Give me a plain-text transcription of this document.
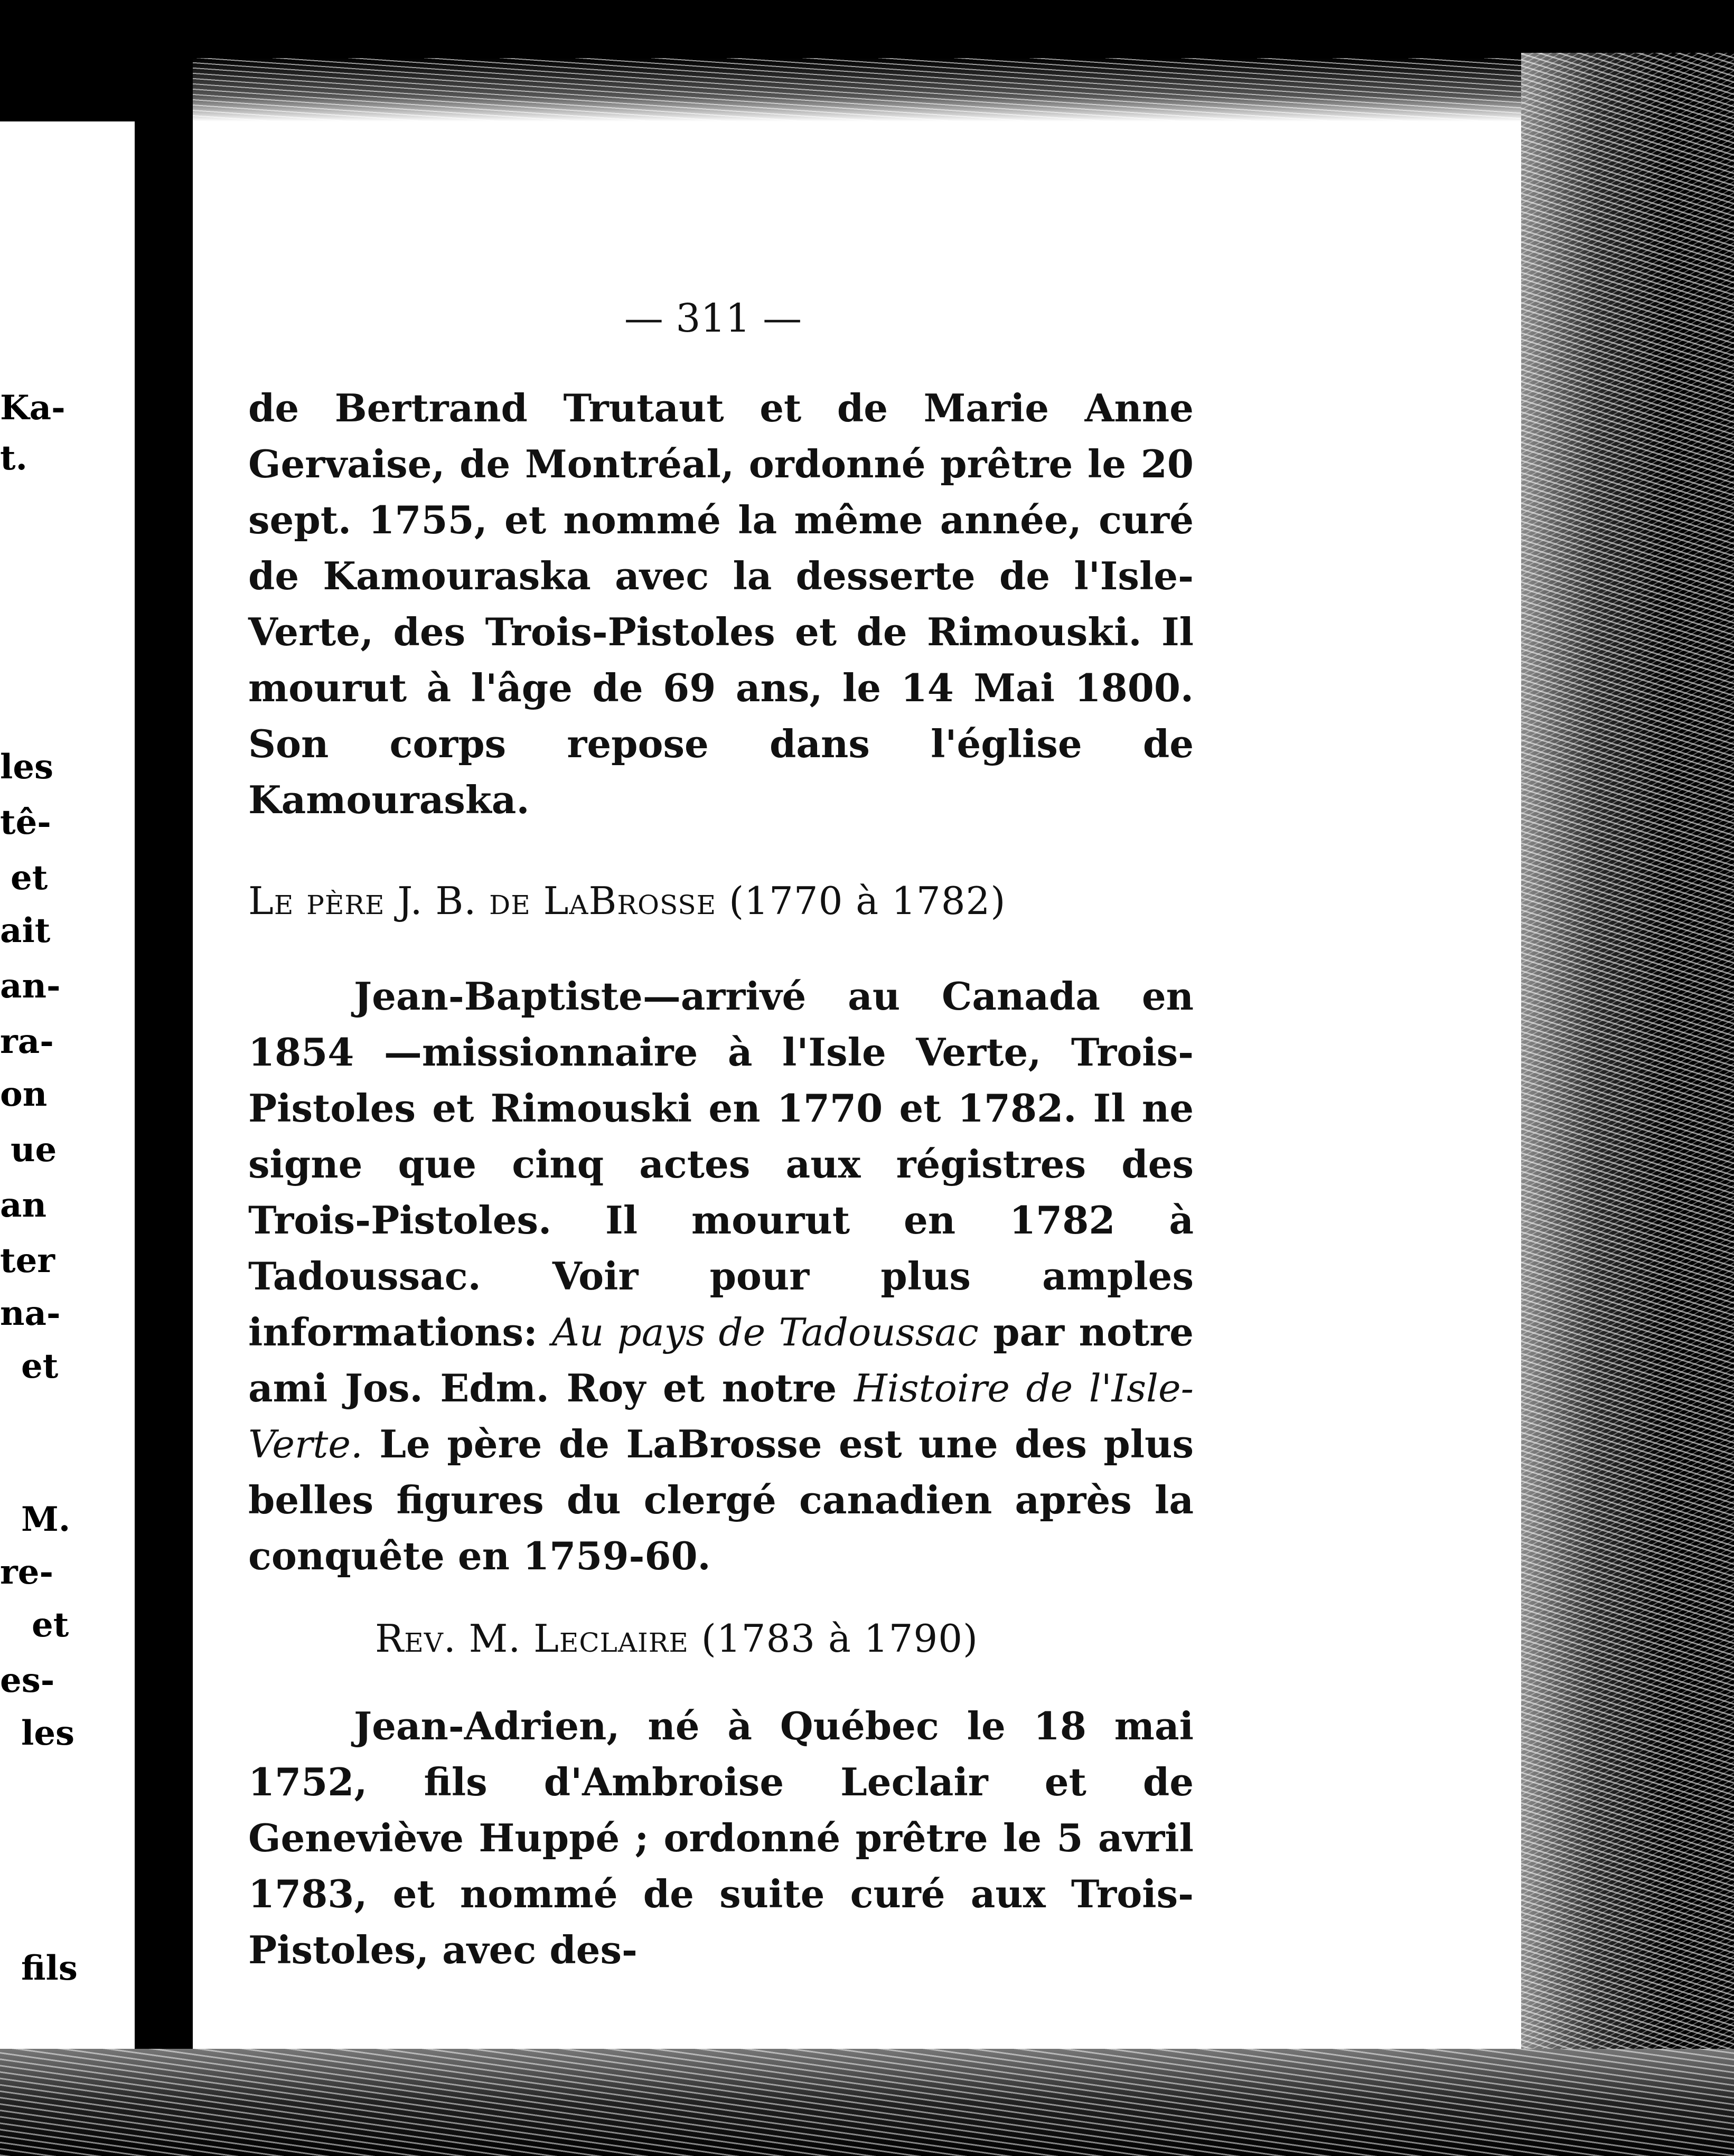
Ka-
t.
les
tê-
et
ait
an-
ra-
on
ue
an
ter
na-
et
M.
re-
et
es-
les
fils
— 311 —

de Bertrand Trutaut et de Marie Anne Gervaise, de Montréal, ordonné prêtre le 20 sept. 1755, et nommé la même année, curé de Kamouraska avec la desserte de l'Isle-Verte, des Trois-Pistoles et de Rimouski. Il mourut à l'âge de 69 ans, le 14 Mai 1800. Son corps repose dans l'église de Kamouraska.

Le père J. B. de LaBrosse (1770 à 1782)

Jean-Baptiste—arrivé au Canada en 1854 —missionnaire à l'Isle Verte, Trois-Pistoles et Rimouski en 1770 et 1782. Il ne signe que cinq actes aux régistres des Trois-Pistoles. Il mourut en 1782 à Tadoussac. Voir pour plus amples informations: Au pays de Tadoussac par notre ami Jos. Edm. Roy et notre Histoire de l'Isle-Verte. Le père de LaBrosse est une des plus belles figures du clergé canadien après la conquête en 1759-60.

Rev. M. Leclaire (1783 à 1790)

Jean-Adrien, né à Québec le 18 mai 1752, fils d'Ambroise Leclair et de Geneviève Huppé ; ordonné prêtre le 5 avril 1783, et nommé de suite curé aux Trois-Pistoles, avec des-
